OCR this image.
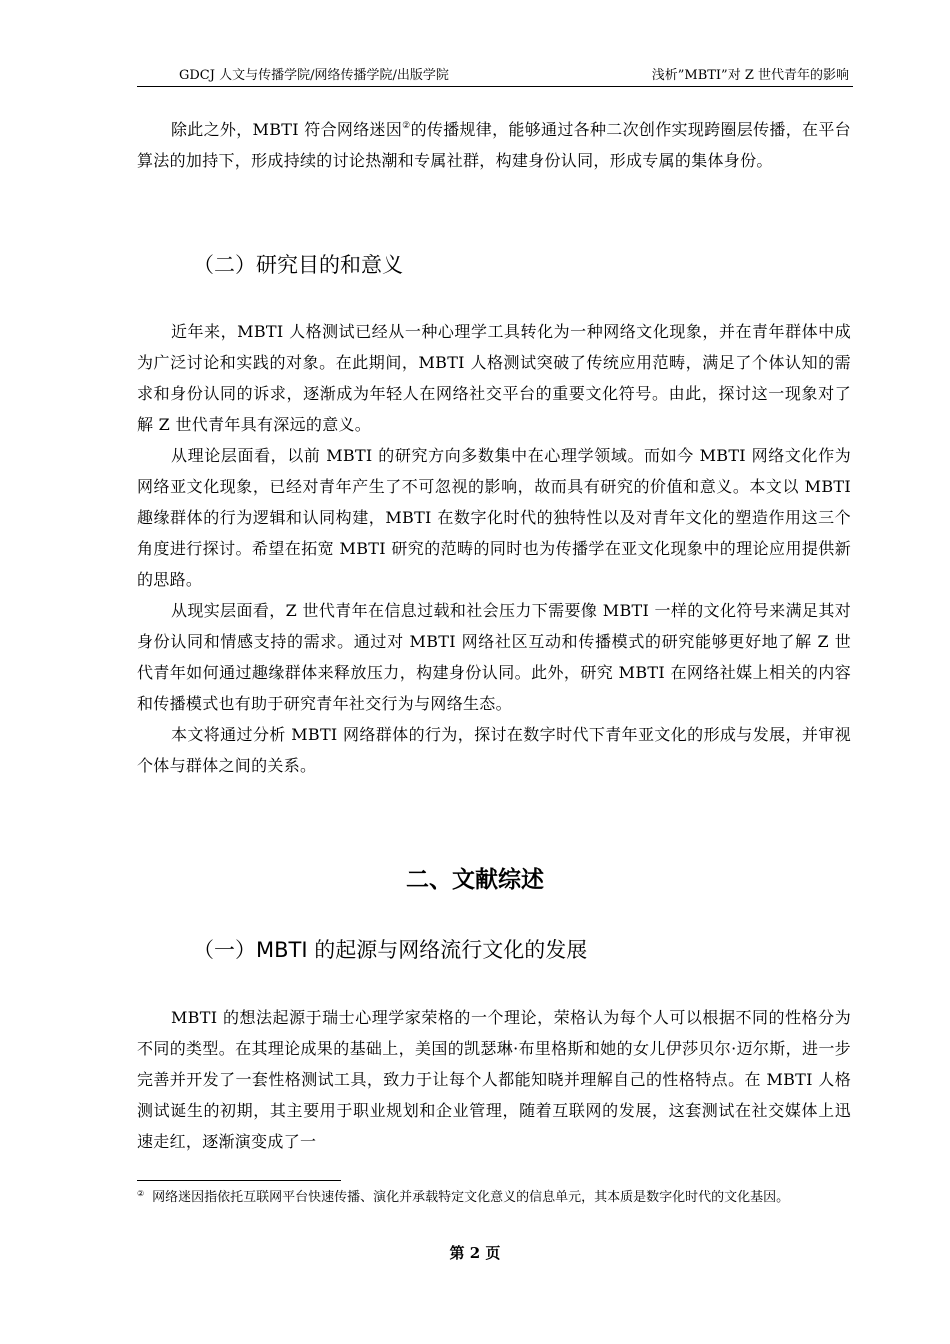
GDCJ 人文与传播学院/网络传播学院/出版学院	浅析”MBTI”对 Z 世代青年的影响

除此之外，MBTI 符合网络迷因②的传播规律，能够通过各种二次创作实现跨圈层传播，在平台算法的加持下，形成持续的讨论热潮和专属社群，构建身份认同，形成专属的集体身份。

（二）研究目的和意义

近年来，MBTI 人格测试已经从一种心理学工具转化为一种网络文化现象，并在青年群体中成为广泛讨论和实践的对象。在此期间，MBTI 人格测试突破了传统应用范畴，满足了个体认知的需求和身份认同的诉求，逐渐成为年轻人在网络社交平台的重要文化符号。由此，探讨这一现象对了解 Z 世代青年具有深远的意义。

从理论层面看，以前 MBTI 的研究方向多数集中在心理学领域。而如今 MBTI 网络文化作为网络亚文化现象，已经对青年产生了不可忽视的影响，故而具有研究的价值和意义。本文以 MBTI 趣缘群体的行为逻辑和认同构建，MBTI 在数字化时代的独特性以及对青年文化的塑造作用这三个角度进行探讨。希望在拓宽 MBTI 研究的范畴的同时也为传播学在亚文化现象中的理论应用提供新的思路。

从现实层面看，Z 世代青年在信息过载和社会压力下需要像 MBTI 一样的文化符号来满足其对身份认同和情感支持的需求。通过对 MBTI 网络社区互动和传播模式的研究能够更好地了解 Z 世代青年如何通过趣缘群体来释放压力，构建身份认同。此外，研究 MBTI 在网络社媒上相关的内容和传播模式也有助于研究青年社交行为与网络生态。

本文将通过分析 MBTI 网络群体的行为，探讨在数字时代下青年亚文化的形成与发展，并审视个体与群体之间的关系。

二、文献综述
（一）MBTI 的起源与网络流行文化的发展

MBTI 的想法起源于瑞士心理学家荣格的一个理论，荣格认为每个人可以根据不同的性格分为不同的类型。在其理论成果的基础上，美国的凯瑟琳·布里格斯和她的女儿伊莎贝尔·迈尔斯，进一步完善并开发了一套性格测试工具，致力于让每个人都能知晓并理解自己的性格特点。在 MBTI 人格测试诞生的初期，其主要用于职业规划和企业管理，随着互联网的发展，这套测试在社交媒体上迅速走红，逐渐演变成了一

② 网络迷因指依托互联网平台快速传播、演化并承载特定文化意义的信息单元，其本质是数字化时代的文化基因。
第 2 页
